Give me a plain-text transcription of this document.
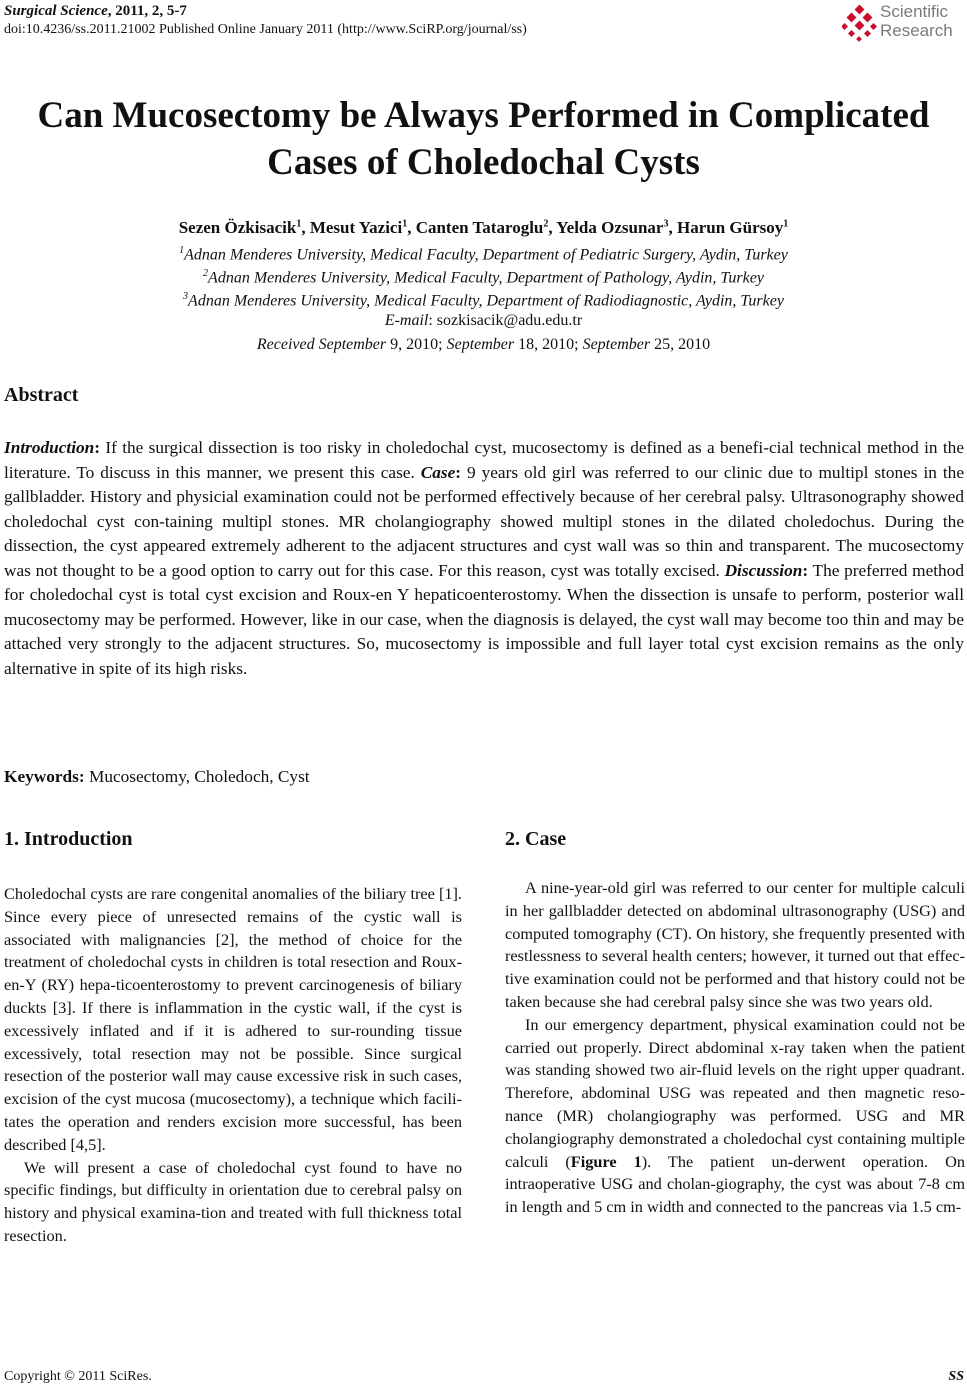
Surgical Science, 2011, 2, 5-7
doi:10.4236/ss.2011.21002 Published Online January 2011 (http://www.SciRP.org/journal/ss)
Scientific
Research
Can Mucosectomy be Always Performed in Complicated
Cases of Choledochal Cysts
Sezen Özkisacik$^1$, Mesut Yazici$^1$, Canten Tataroglu$^2$, Yelda Ozsunar$^3$, Harun Gürsoy$^1$
$^1$Adnan Menderes University, Medical Faculty, Department of Pediatric Surgery, Aydin, Turkey
$^2$Adnan Menderes University, Medical Faculty, Department of Pathology, Aydin, Turkey
$^3$Adnan Menderes University, Medical Faculty, Department of Radiodiagnostic, Aydin, Turkey
E-mail: sozkisacik@adu.edu.tr
Received September 9, 2010; September 18, 2010; September 25, 2010
Abstract
Introduction: If the surgical dissection is too risky in choledochal cyst, mucosectomy is defined as a benefi-cial technical method in the literature. To discuss in this manner, we present this case. Case: 9 years old girl was referred to our clinic due to multipl stones in the gallbladder. History and physicial examination could not be performed effectively because of her cerebral palsy. Ultrasonography showed choledochal cyst con-taining multipl stones. MR cholangiography showed multipl stones in the dilated choledochus. During the dissection, the cyst appeared extremely adherent to the adjacent structures and cyst wall was so thin and transparent. The mucosectomy was not thought to be a good option to carry out for this case. For this reason, cyst was totally excised. Discussion: The preferred method for choledochal cyst is total cyst excision and Roux-en Y hepaticoenterostomy. When the dissection is unsafe to perform, posterior wall mucosectomy may be performed. However, like in our case, when the diagnosis is delayed, the cyst wall may become too thin and may be attached very strongly to the adjacent structures. So, mucosectomy is impossible and full layer total cyst excision remains as the only alternative in spite of its high risks.
Keywords: Mucosectomy, Choledoch, Cyst
1. Introduction

Choledochal cysts are rare congenital anomalies of the biliary tree [1]. Since every piece of unresected remains of the cystic wall is associated with malignancies [2], the method of choice for the treatment of choledochal cysts in children is total resection and Roux-en-Y (RY) hepa-ticoenterostomy to prevent carcinogenesis of biliary duckts [3]. If there is inflammation in the cystic wall, if the cyst is excessively inflated and if it is adhered to sur-rounding tissue excessively, total resection may not be possible. Since surgical resection of the posterior wall may cause excessive risk in such cases, excision of the cyst mucosa (mucosectomy), a technique which facili-tates the operation and renders excision more successful, has been described [4,5].

We will present a case of choledochal cyst found to have no specific findings, but difficulty in orientation due to cerebral palsy on history and physical examina-tion and treated with full thickness total resection.

2. Case

A nine-year-old girl was referred to our center for multiple calculi in her gallbladder detected on abdominal ultrasonography (USG) and computed tomography (CT). On history, she frequently presented with restlessness to several health centers; however, it turned out that effec-tive examination could not be performed and that history could not be taken because she had cerebral palsy since she was two years old.

In our emergency department, physical examination could not be carried out properly. Direct abdominal x-ray taken when the patient was standing showed two air-fluid levels on the right upper quadrant. Therefore, abdominal USG was repeated and then magnetic reso-nance (MR) cholangiography was performed. USG and MR cholangiography demonstrated a choledochal cyst containing multiple calculi (Figure 1). The patient un-derwent operation. On intraoperative USG and cholan-giography, the cyst was about 7-8 cm in length and 5 cm in width and connected to the pancreas via 1.5 cm-

Copyright © 2011 SciRes.	SS
